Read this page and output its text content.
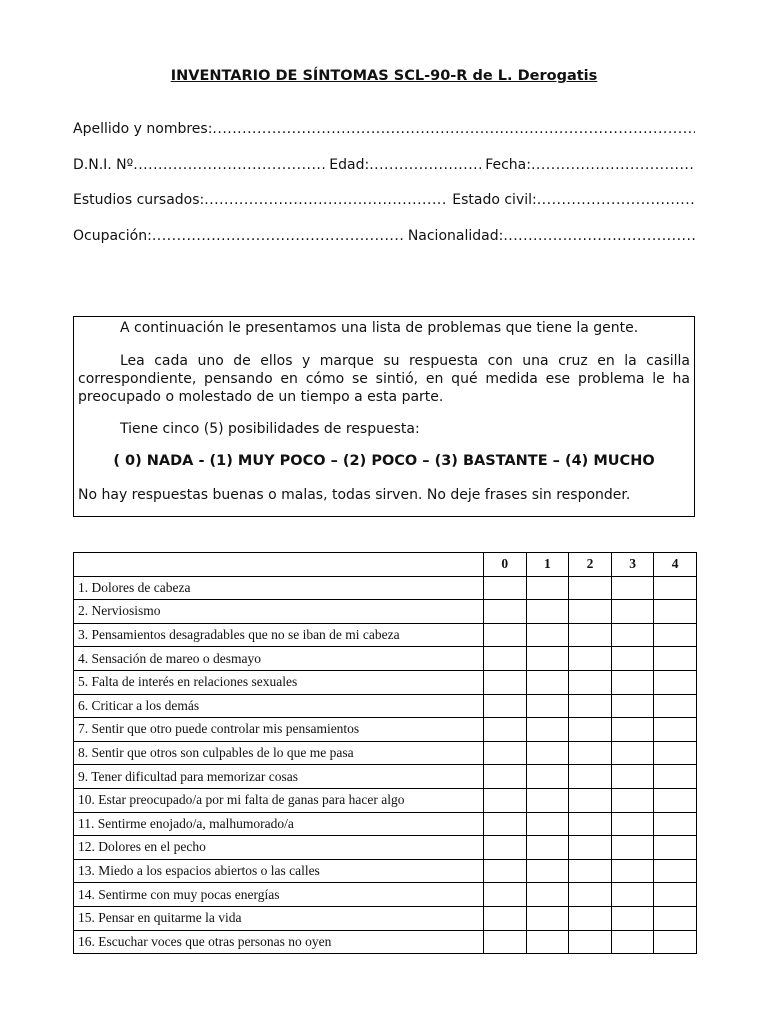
INVENTARIO DE SÍNTOMAS SCL-90-R de L. Derogatis
Apellido y nombres:
.....
D.N.I. Nº .....	Edad: .....	Fecha:
.....
Estudios cursados: .....	Estado civil:
.....
Ocupación: .....	Nacionalidad:
.....

A continuación le presentamos una lista de problemas que tiene la gente.

Lea cada uno de ellos y marque su respuesta con una cruz en la casilla correspondiente, pensando en cómo se sintió, en qué medida ese problema le ha preocupado o molestado de un tiempo a esta parte.

Tiene cinco (5) posibilidades de respuesta:

( 0) NADA - (1) MUY POCO – (2) POCO – (3) BASTANTE – (4) MUCHO

No hay respuestas buenas o malas, todas sirven. No deje frases sin responder.

	0	1	2	3	4
1. Dolores de cabeza					
2. Nerviosismo					
3. Pensamientos desagradables que no se iban de mi cabeza					
4. Sensación de mareo o desmayo					
5. Falta de interés en relaciones sexuales					
6. Criticar a los demás					
7. Sentir que otro puede controlar mis pensamientos					
8. Sentir que otros son culpables de lo que me pasa					
9. Tener dificultad para memorizar cosas					
10. Estar preocupado/a por mi falta de ganas para hacer algo					
11. Sentirme enojado/a, malhumorado/a					
12. Dolores en el pecho					
13. Miedo a los espacios abiertos o las calles					
14. Sentirme con muy pocas energías					
15. Pensar en quitarme la vida					
16. Escuchar voces que otras personas no oyen					
